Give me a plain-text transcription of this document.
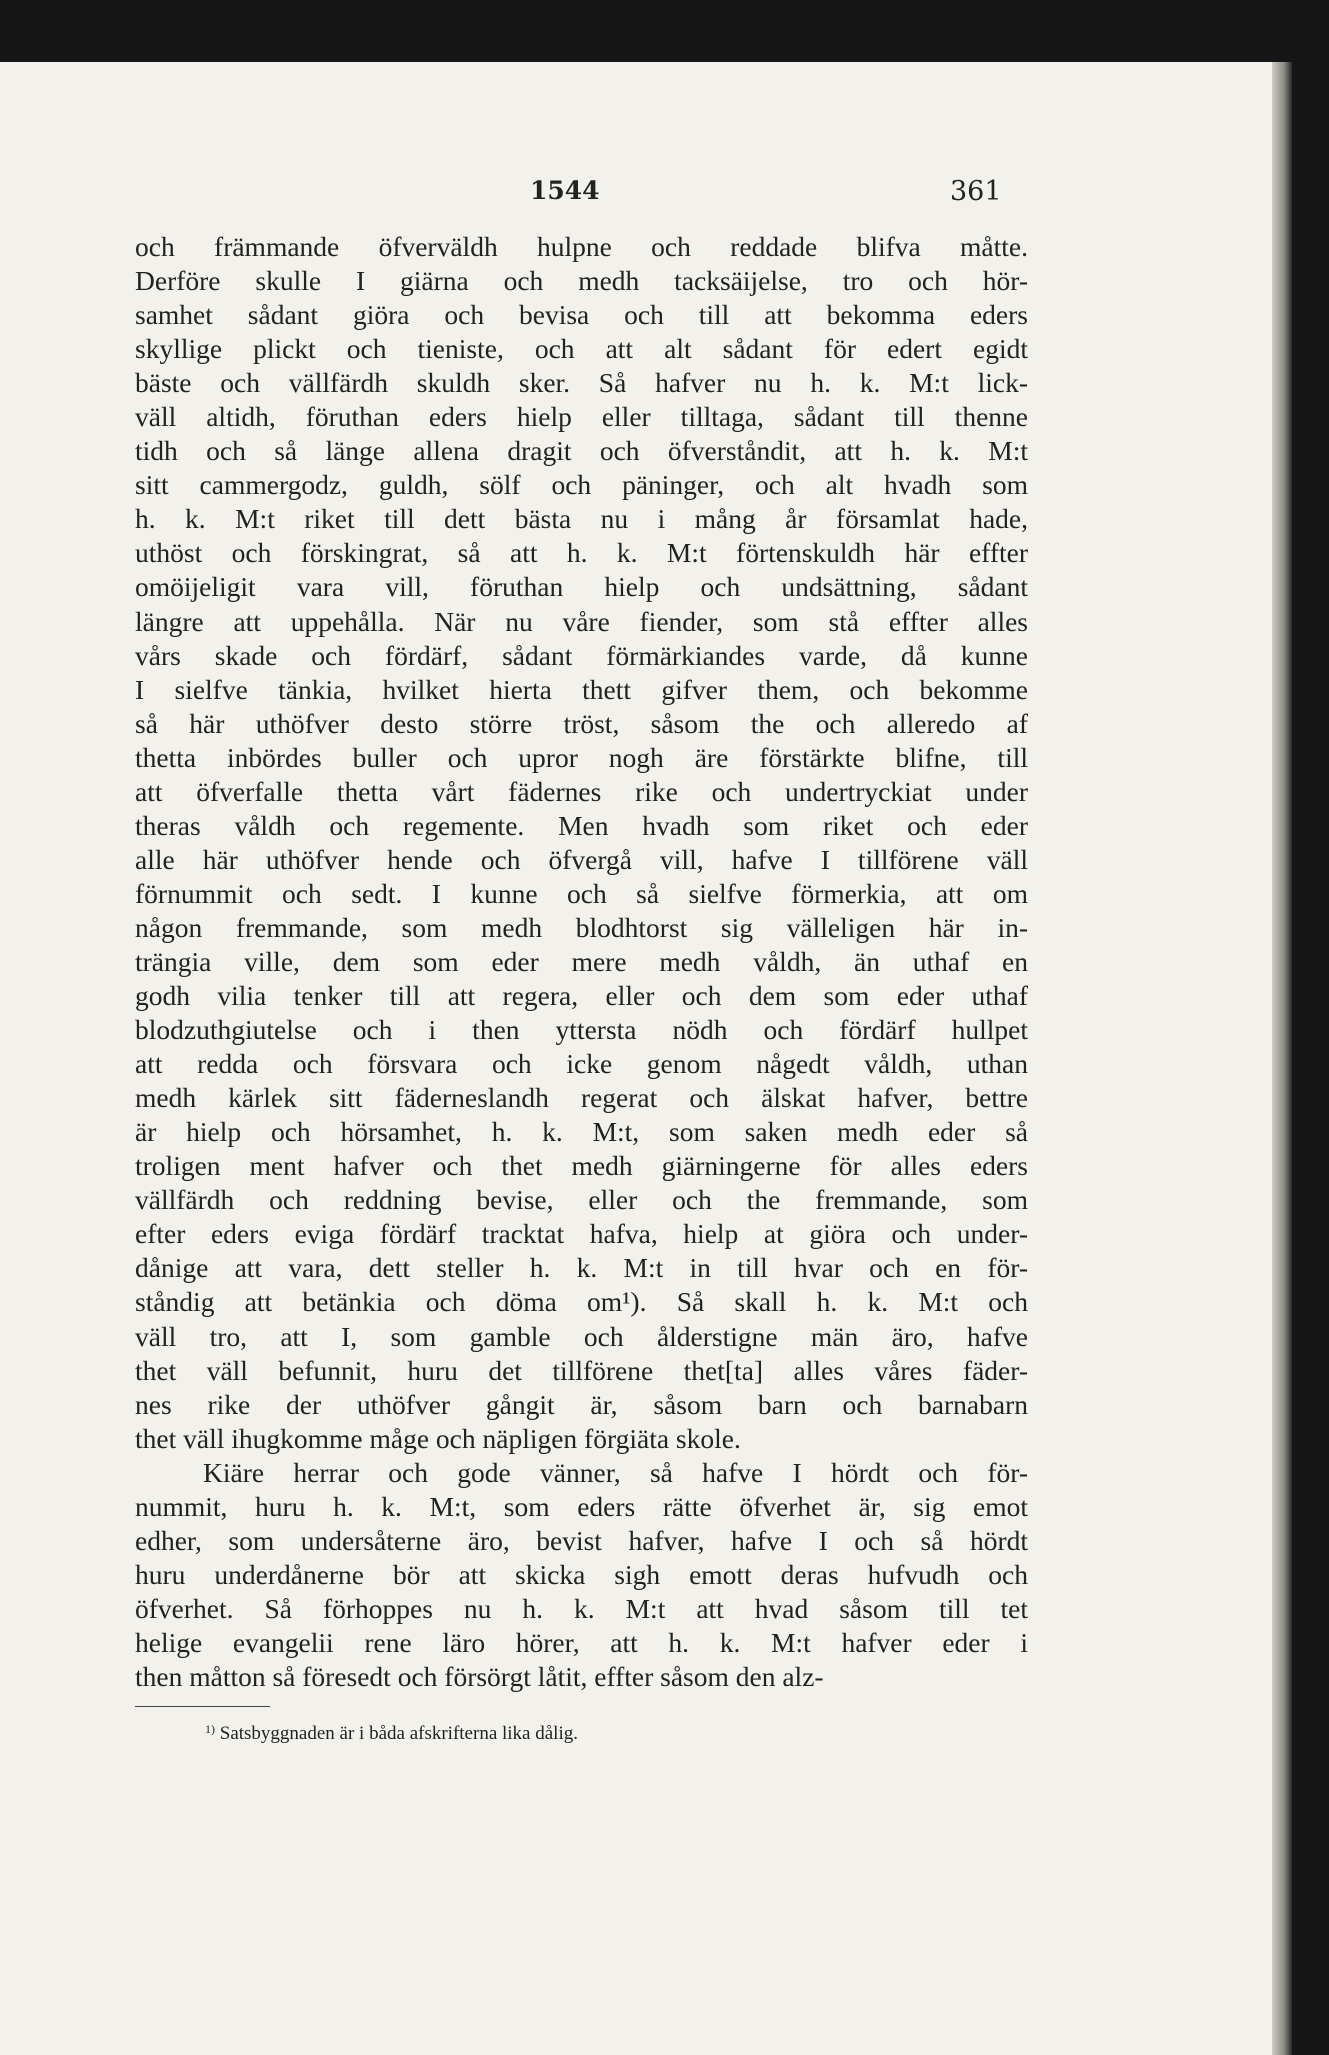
1544	361
och främmande öfverväldh hulpne och reddade blifva måtte.
Derföre skulle I giärna och medh tacksäijelse, tro och hör-
samhet sådant giöra och bevisa och till att bekomma eders
skyllige plickt och tieniste, och att alt sådant för edert egidt
bäste och vällfärdh skuldh sker. Så hafver nu h. k. M:t lick-
väll altidh, föruthan eders hielp eller tilltaga, sådant till thenne
tidh och så länge allena dragit och öfverståndit, att h. k. M:t
sitt cammergodz, guldh, sölf och päninger, och alt hvadh som
h. k. M:t riket till dett bästa nu i mång år församlat hade,
uthöst och förskingrat, så att h. k. M:t förtenskuldh här effter
omöijeligit vara vill, föruthan hielp och undsättning, sådant
längre att uppehålla. När nu våre fiender, som stå effter alles
vårs skade och fördärf, sådant förmärkiandes varde, då kunne
I sielfve tänkia, hvilket hierta thett gifver them, och bekomme
så här uthöfver desto större tröst, såsom the och alleredo af
thetta inbördes buller och upror nogh äre förstärkte blifne, till
att öfverfalle thetta vårt fädernes rike och undertryckiat under
theras våldh och regemente. Men hvadh som riket och eder
alle här uthöfver hende och öfvergå vill, hafve I tillförene väll
förnummit och sedt. I kunne och så sielfve förmerkia, att om
någon fremmande, som medh blodhtorst sig välleligen här in-
trängia ville, dem som eder mere medh våldh, än uthaf en
godh vilia tenker till att regera, eller och dem som eder uthaf
blodzuthgiutelse och i then yttersta nödh och fördärf hullpet
att redda och försvara och icke genom någedt våldh, uthan
medh kärlek sitt fäderneslandh regerat och älskat hafver, bettre
är hielp och hörsamhet, h. k. M:t, som saken medh eder så
troligen ment hafver och thet medh giärningerne för alles eders
vällfärdh och reddning bevise, eller och the fremmande, som
efter eders eviga fördärf tracktat hafva, hielp at giöra och under-
dånige att vara, dett steller h. k. M:t in till hvar och en för-
ståndig att betänkia och döma om¹). Så skall h. k. M:t och
väll tro, att I, som gamble och ålderstigne män äro, hafve
thet väll befunnit, huru det tillförene thet[ta] alles våres fäder-
nes rike der uthöfver gångit är, såsom barn och barnabarn
thet väll ihugkomme måge och näpligen förgiäta skole.
Kiäre herrar och gode vänner, så hafve I hördt och för-
nummit, huru h. k. M:t, som eders rätte öfverhet är, sig emot
edher, som undersåterne äro, bevist hafver, hafve I och så hördt
huru underdånerne bör att skicka sigh emott deras hufvudh och
öfverhet. Så förhoppes nu h. k. M:t att hvad såsom till tet
helige evangelii rene läro hörer, att h. k. M:t hafver eder i
then måtton så föresedt och försörgt låtit, effter såsom den alz-
$^{1)}$ Satsbyggnaden är i båda afskrifterna lika dålig.
